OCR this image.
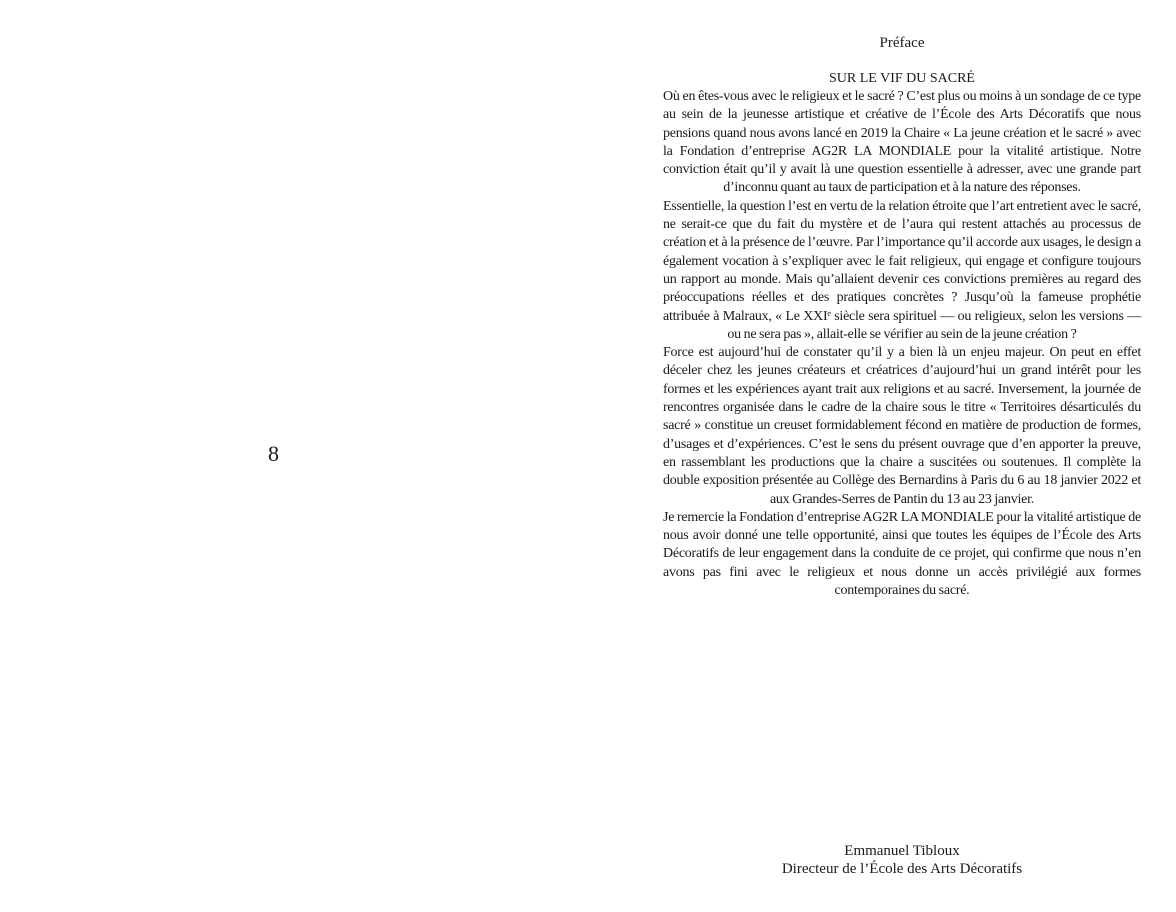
8

Préface

SUR LE VIF DU SACRÉ

Où en êtes-vous avec le religieux et le sacré ? C’est plus ou moins à un sondage de ce type au sein de la jeunesse artistique et créative de l’École des Arts Décoratifs que nous pensions quand nous avons lancé en 2019 la Chaire « La jeune création et le sacré » avec la Fondation d’entreprise AG2R LA MONDIALE pour la vitalité artistique. Notre conviction était qu’il y avait là une question essentielle à adresser, avec une grande part d’inconnu quant au taux de participation et à la nature des réponses.

Essentielle, la question l’est en vertu de la relation étroite que l’art entretient avec le sacré, ne serait-ce que du fait du mystère et de l’aura qui restent attachés au processus de création et à la présence de l’œuvre. Par l’importance qu’il accorde aux usages, le design a également vocation à s’expliquer avec le fait religieux, qui engage et configure toujours un rapport au monde. Mais qu’allaient devenir ces convictions premières au regard des préoccupations réelles et des pratiques concrètes ? Jusqu’où la fameuse prophétie attribuée à Malraux, « Le XXIᵉ siècle sera spirituel — ou religieux, selon les versions — ou ne sera pas », allait-elle se vérifier au sein de la jeune création ?

Force est aujourd’hui de constater qu’il y a bien là un enjeu majeur. On peut en effet déceler chez les jeunes créateurs et créatrices d’aujourd’hui un grand intérêt pour les formes et les expériences ayant trait aux religions et au sacré. Inversement, la journée de rencontres organisée dans le cadre de la chaire sous le titre « Territoires désarticulés du sacré » constitue un creuset formidablement fécond en matière de production de formes, d’usages et d’expériences. C’est le sens du présent ouvrage que d’en apporter la preuve, en rassemblant les productions que la chaire a suscitées ou soutenues. Il complète la double exposition présentée au Collège des Bernardins à Paris du 6 au 18 janvier 2022 et aux Grandes-Serres de Pantin du 13 au 23 janvier.

Je remercie la Fondation d’entreprise AG2R LA MONDIALE pour la vitalité artistique de nous avoir donné une telle opportunité, ainsi que toutes les équipes de l’École des Arts Décoratifs de leur engagement dans la conduite de ce projet, qui confirme que nous n’en avons pas fini avec le religieux et nous donne un accès privilégié aux formes contemporaines du sacré.

Emmanuel Tibloux
Directeur de l’École des Arts Décoratifs
